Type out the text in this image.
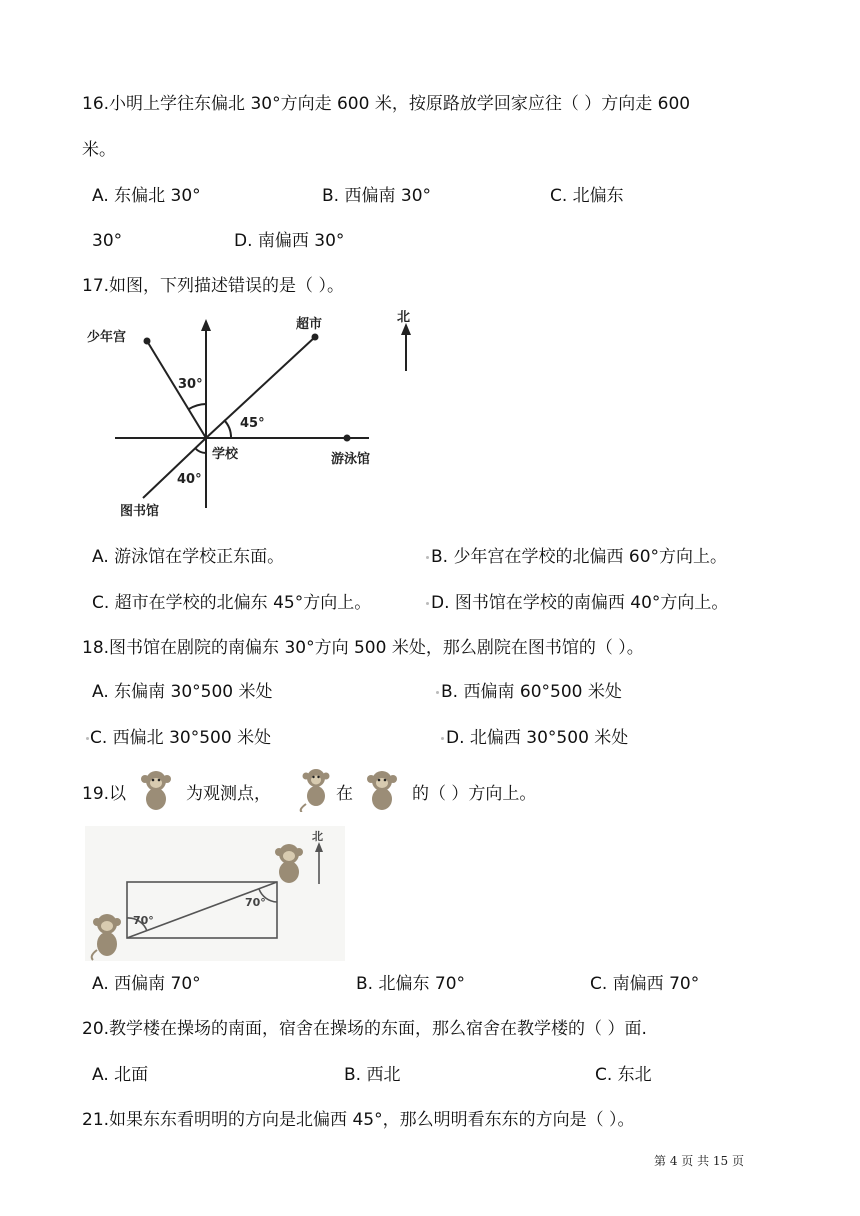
16.小明上学往东偏北 30°方向走 600 米，按原路放学回家应往（ ）方向走 600
米。
A. 东偏北 30°	B. 西偏南 30°	C. 北偏东
30°	D. 南偏西 30°
17.如图，下列描述错误的是（ ）。
少年宫
超市	北
30°
45°
学校	游泳馆
40°
图书馆
A. 游泳馆在学校正东面。	B. 少年宫在学校的北偏西 60°方向上。
C. 超市在学校的北偏东 45°方向上。	D. 图书馆在学校的南偏西 40°方向上。
18.图书馆在剧院的南偏东 30°方向 500 米处，那么剧院在图书馆的（ ）。
A. 东偏南 30°500 米处	B. 西偏南 60°500 米处
C. 西偏北 30°500 米处	D. 北偏西 30°500 米处
19.以	为观测点，	在	的（ ）方向上。
北
70°
70°
A. 西偏南 70°	B. 北偏东 70°	C. 南偏西 70°
20.教学楼在操场的南面，宿舍在操场的东面，那么宿舍在教学楼的（ ）面.
A. 北面	B. 西北	C. 东北
21.如果东东看明明的方向是北偏西 45°，那么明明看东东的方向是（ ）。
第 4 页 共 15 页
